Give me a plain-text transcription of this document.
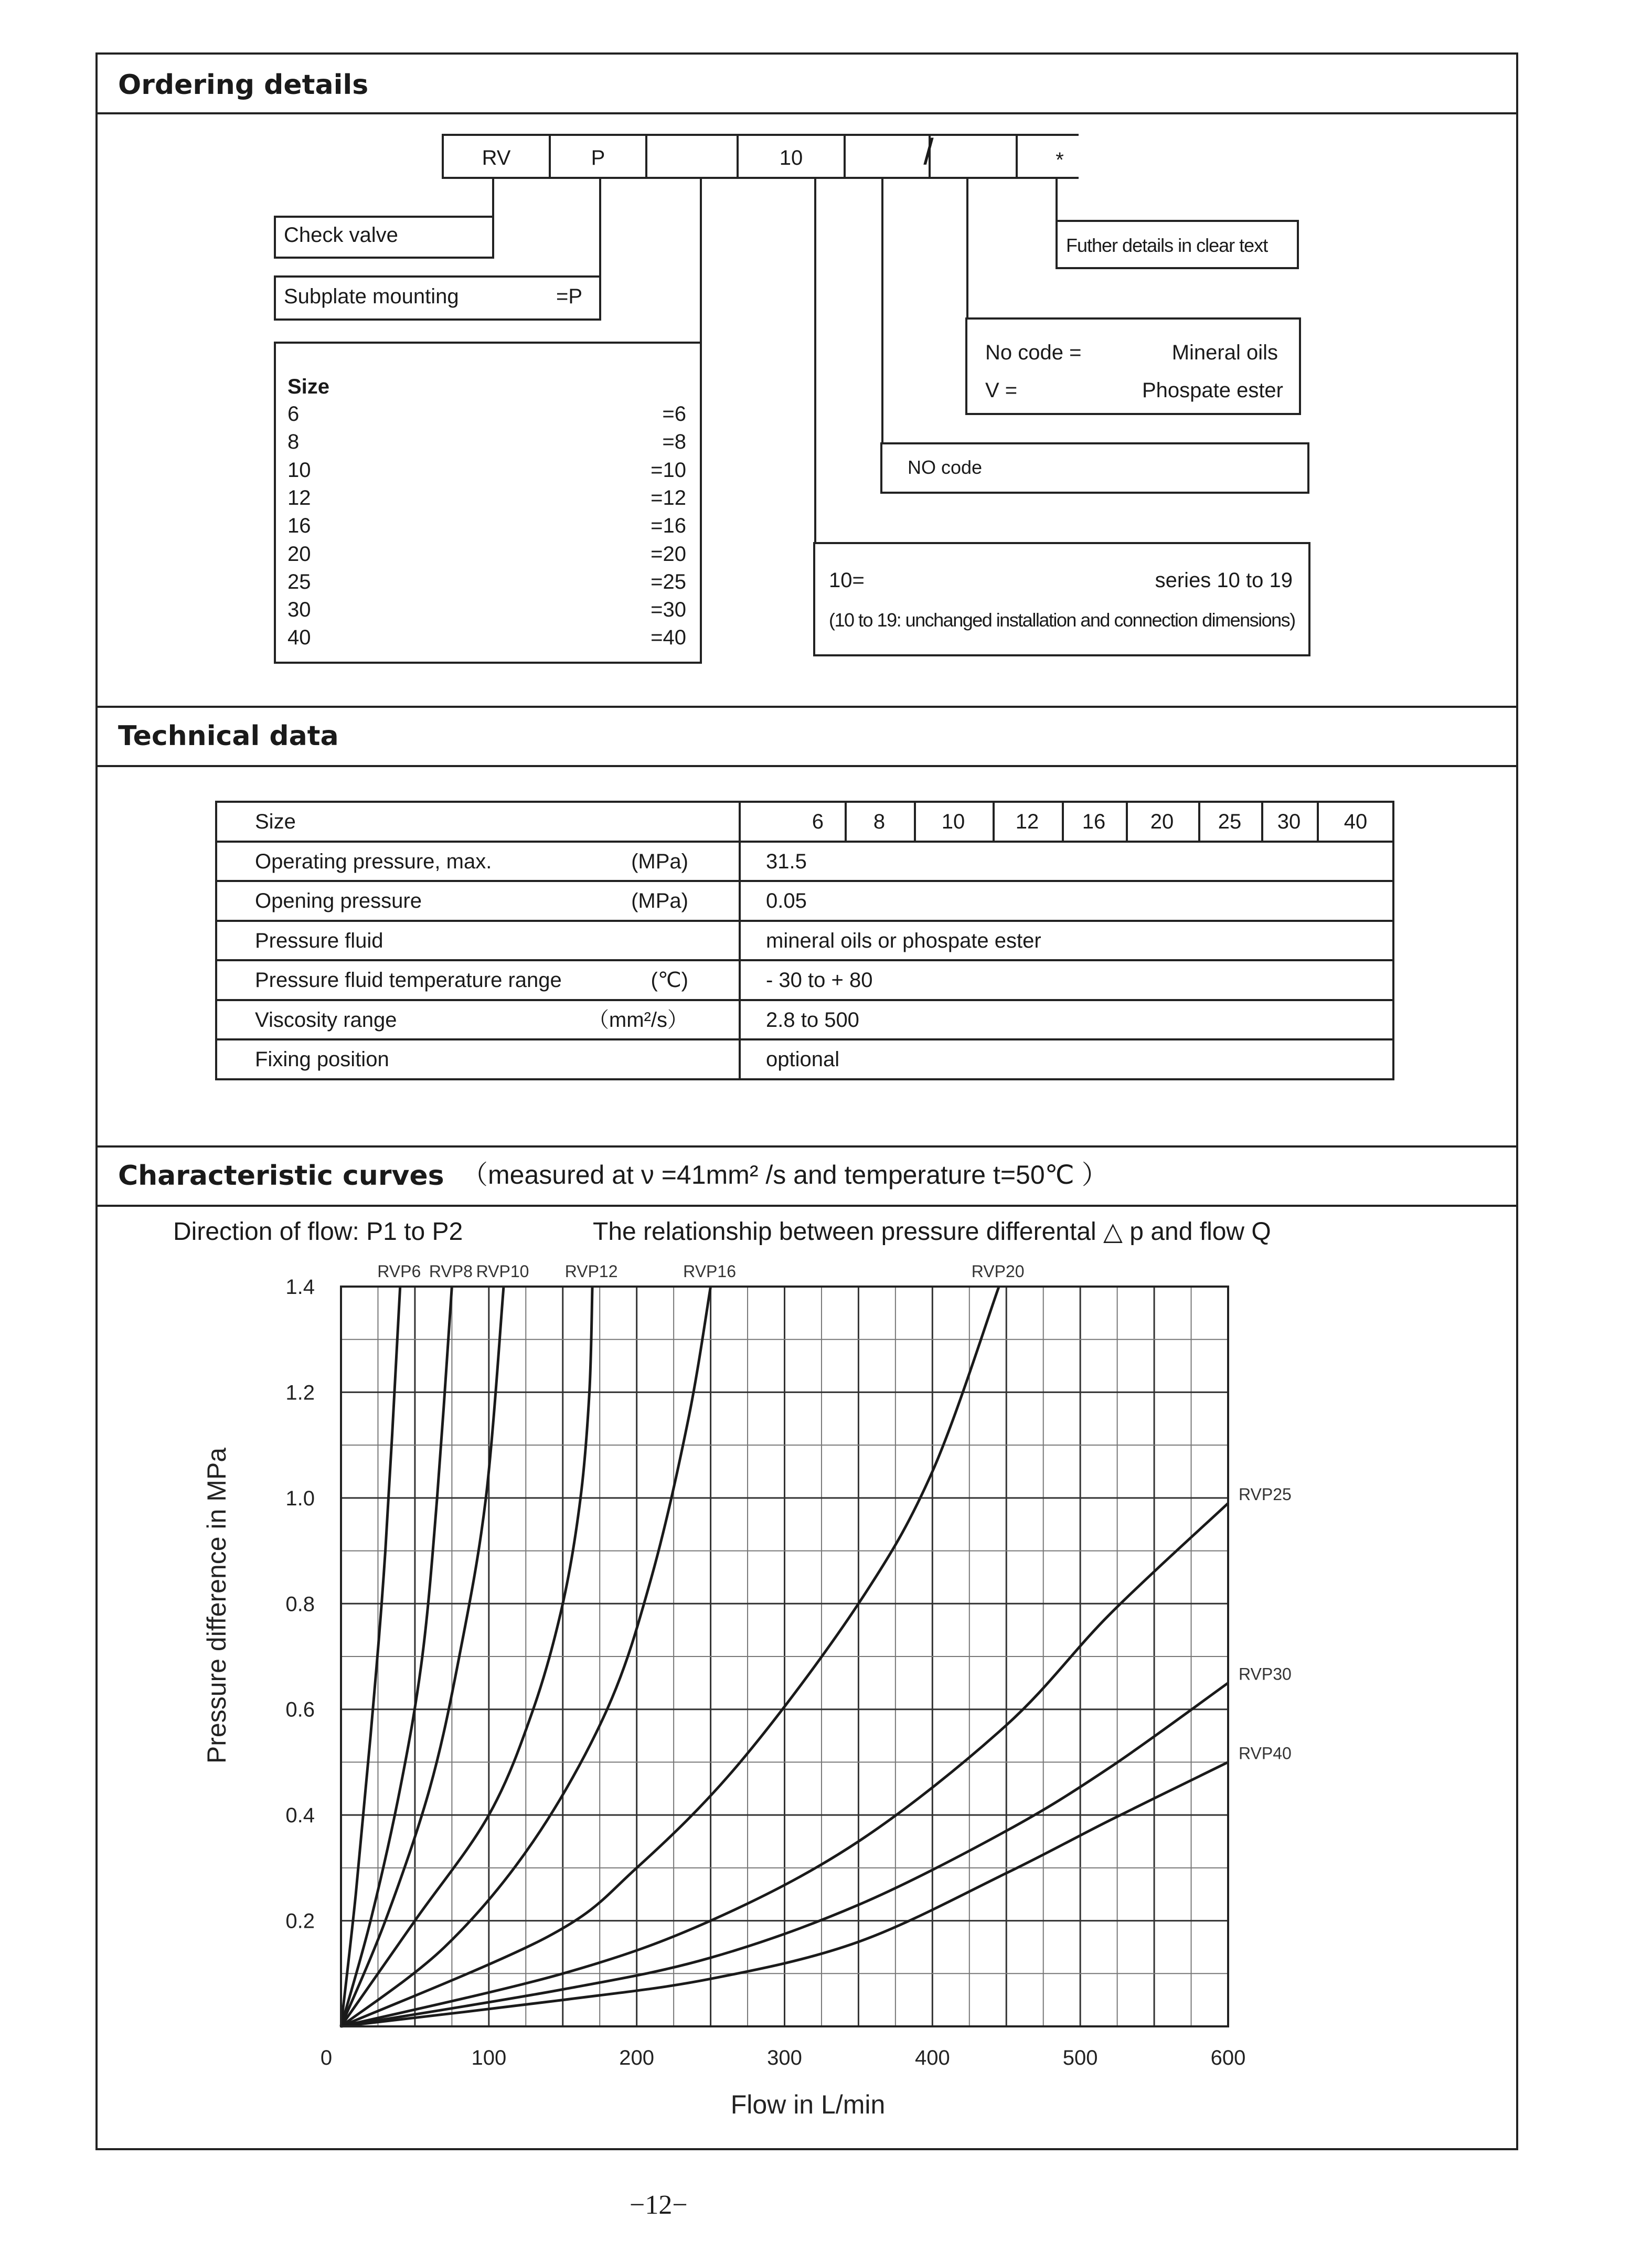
Ordering details
Technical data
Characteristic curves （measured at ν =41mm² /s and temperature t=50℃ ）
RV	P	10	/	*
Check valve
Subplate mounting	=P
Size
6	=6
8	=8
10	=10
12	=12
16	=16
20	=20
25	=25
30	=30
40	=40
Futher details in clear text
No code =	Mineral oils
V =	Phospate ester
NO code
10=	series 10 to 19
(10 to 19: unchanged installation and connection dimensions)
Size	6	8	10	12	16	20	25	30	40
Operating pressure, max.	(MPa)	31.5
Opening pressure	(MPa)	0.05
Pressure fluid	mineral oils or phospate ester
Pressure fluid temperature range	(℃)	- 30 to + 80
Viscosity range	（mm²/s）	2.8 to 500
Fixing position	optional
Direction of flow: P1 to P2	The relationship between pressure differental △ p and flow Q
RVP6 RVP8 RVP10 RVP12	RVP16	RVP20
RVP25
RVP30
RVP40
0	100	200	300	400	500	600
0.2
0.4
0.6
0.8
1.0
1.2
1.4
Flow in L/min
Pressure difference in MPa
−12−
